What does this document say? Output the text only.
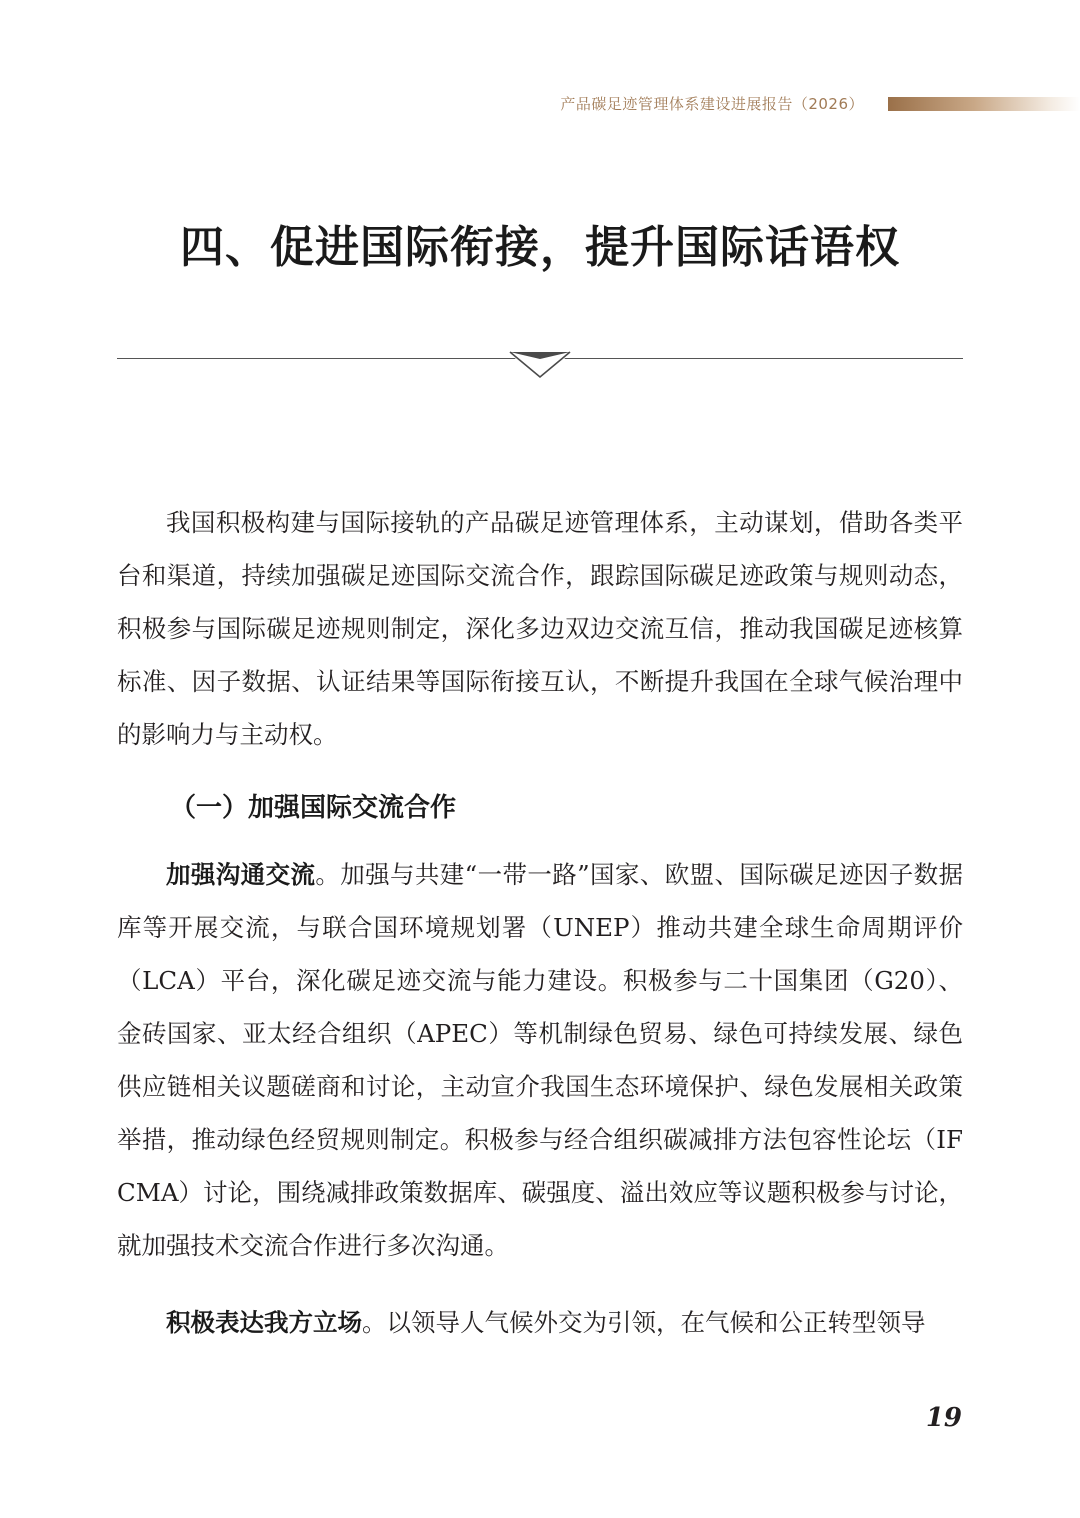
产品碳足迹管理体系建设进展报告（2026）
四、促进国际衔接，提升国际话语权

我国积极构建与国际接轨的产品碳足迹管理体系，主动谋划，借助各类平台和渠道，持续加强碳足迹国际交流合作，跟踪国际碳足迹政策与规则动态，积极参与国际碳足迹规则制定，深化多边双边交流互信，推动我国碳足迹核算标准、因子数据、认证结果等国际衔接互认，不断提升我国在全球气候治理中的影响力与主动权。

（一）加强国际交流合作

加强沟通交流。加强与共建“一带一路”国家、欧盟、国际碳足迹因子数据库等开展交流，与联合国环境规划署（UNEP）推动共建全球生命周期评价（LCA）平台，深化碳足迹交流与能力建设。积极参与二十国集团（G20）、金砖国家、亚太经合组织（APEC）等机制绿色贸易、绿色可持续发展、绿色供应链相关议题磋商和讨论，主动宣介我国生态环境保护、绿色发展相关政策举措，推动绿色经贸规则制定。积极参与经合组织碳减排方法包容性论坛（IFCMA）讨论，围绕减排政策数据库、碳强度、溢出效应等议题积极参与讨论，就加强技术交流合作进行多次沟通。

积极表达我方立场。以领导人气候外交为引领，在气候和公正转型领导

19
